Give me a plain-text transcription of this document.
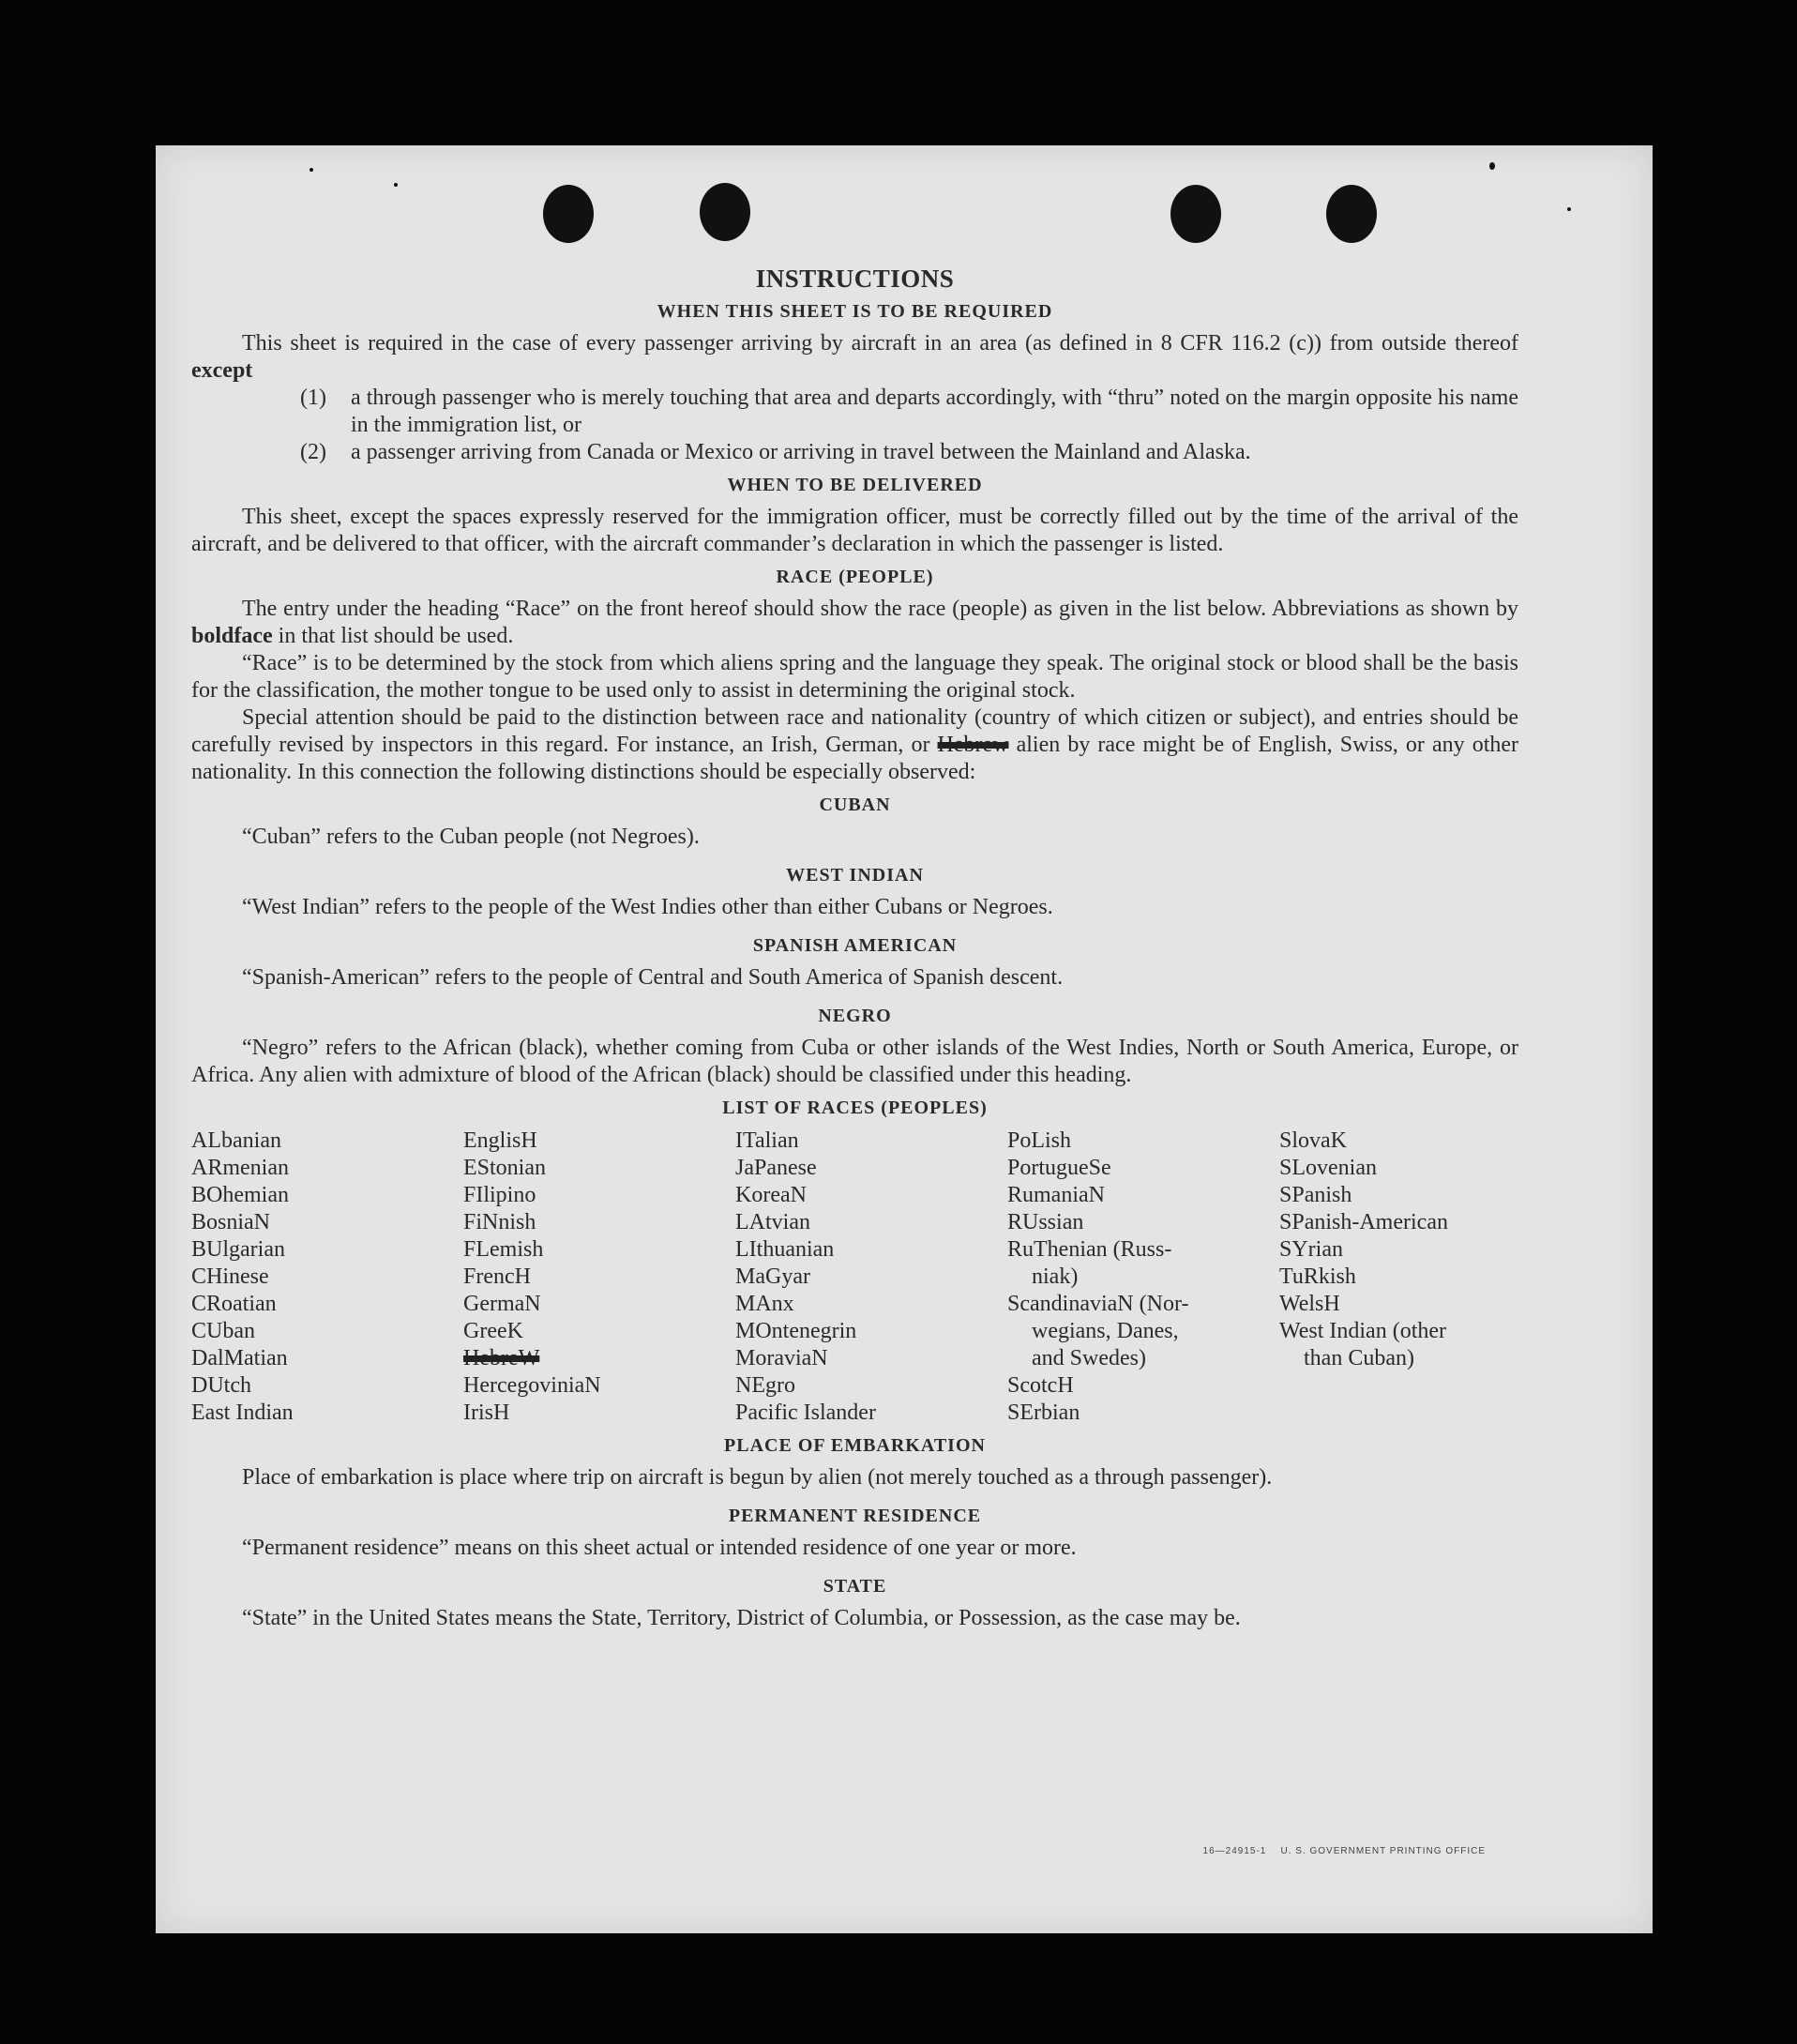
INSTRUCTIONS
WHEN THIS SHEET IS TO BE REQUIRED

This sheet is required in the case of every passenger arriving by aircraft in an area (as defined in 8 CFR 116.2 (c)) from outside thereof except

(1)	a through passenger who is merely touching that area and departs accordingly, with “thru” noted on the margin opposite his name in the immigration list, or
(2)	a passenger arriving from Canada or Mexico or arriving in travel between the Mainland and Alaska.
WHEN TO BE DELIVERED

This sheet, except the spaces expressly reserved for the immigration officer, must be correctly filled out by the time of the arrival of the aircraft, and be delivered to that officer, with the aircraft commander’s declaration in which the passenger is listed.

RACE (PEOPLE)

The entry under the heading “Race” on the front hereof should show the race (people) as given in the list below. Abbreviations as shown by boldface in that list should be used.

“Race” is to be determined by the stock from which aliens spring and the language they speak. The original stock or blood shall be the basis for the classification, the mother tongue to be used only to assist in determining the original stock.

Special attention should be paid to the distinction between race and nationality (country of which citizen or subject), and entries should be carefully revised by inspectors in this regard. For instance, an Irish, German, or Hebrew alien by race might be of English, Swiss, or any other nationality. In this connection the following distinctions should be especially observed:

CUBAN

“Cuban” refers to the Cuban people (not Negroes).

WEST INDIAN

“West Indian” refers to the people of the West Indies other than either Cubans or Negroes.

SPANISH AMERICAN

“Spanish-American” refers to the people of Central and South America of Spanish descent.

NEGRO

“Negro” refers to the African (black), whether coming from Cuba or other islands of the West Indies, North or South America, Europe, or Africa. Any alien with admixture of blood of the African (black) should be classified under this heading.

LIST OF RACES (PEOPLES)
ALbanian
ARmenian
BOhemian
BosniaN
BUlgarian
CHinese
CRoatian
CUban
DalMatian
DUtch
East Indian
EnglisH
EStonian
FIlipino
FiNnish
FLemish
FrencH
GermaN
GreeK
HebreW
HercegoviniaN
IrisH
ITalian
JaPanese
KoreaN
LAtvian
LIthuanian
MaGyar
MAnx
MOntenegrin
MoraviaN
NEgro
Pacific Islander
PoLish
PortugueSe
RumaniaN
RUssian
RuThenian (Russ-
niak)
ScandinaviaN (Nor-
wegians, Danes,
and Swedes)
ScotcH
SErbian
SlovaK
SLovenian
SPanish
SPanish-American
SYrian
TuRkish
WelsH
West Indian (other
than Cuban)
PLACE OF EMBARKATION

Place of embarkation is place where trip on aircraft is begun by alien (not merely touched as a through passenger).

PERMANENT RESIDENCE

“Permanent residence” means on this sheet actual or intended residence of one year or more.

STATE

“State” in the United States means the State, Territory, District of Columbia, or Possession, as the case may be.

16—24915-1 U. S. GOVERNMENT PRINTING OFFICE
